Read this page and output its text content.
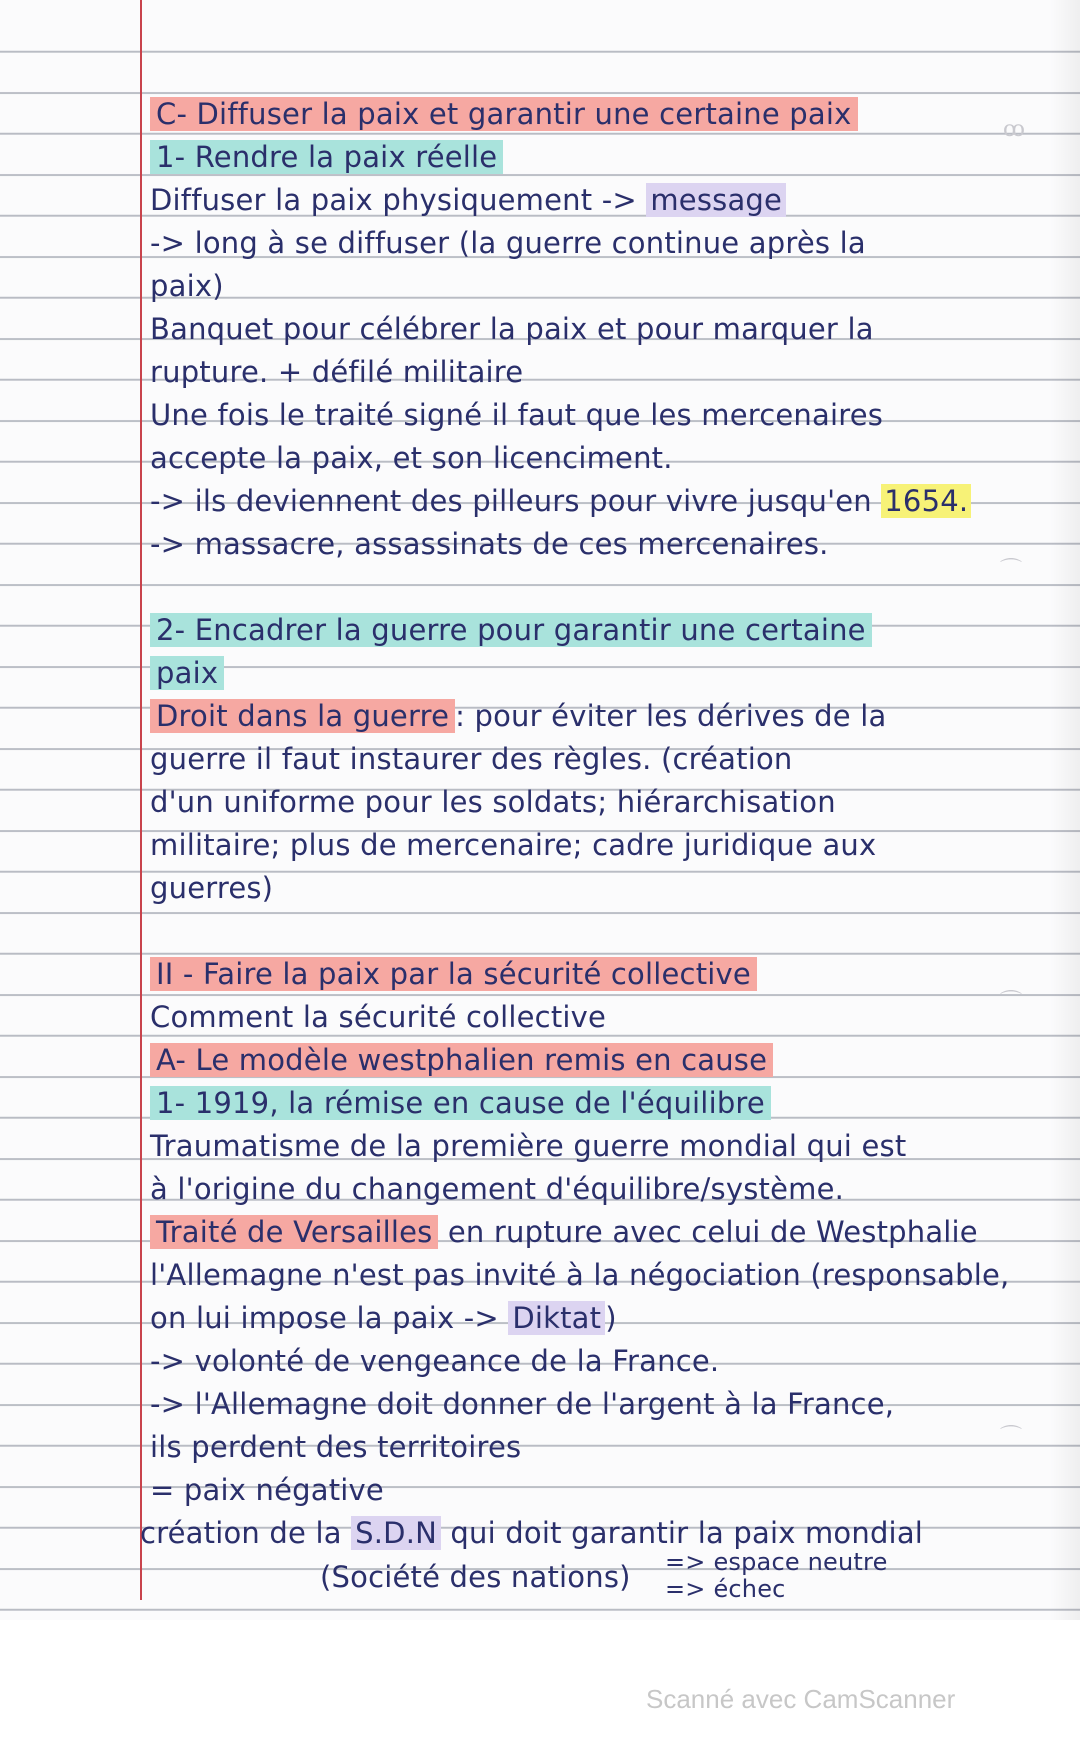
ꝏ
⌒
⌒
⌒
C- Diffuser la paix et garantir une certaine paix
1- Rendre la paix réelle
Diffuser la paix physiquement -> message
-> long à se diffuser (la guerre continue après la
paix)
Banquet pour célébrer la paix et pour marquer la
rupture. + défilé militaire
Une fois le traité signé il faut que les mercenaires
accepte la paix, et son licenciment.
-> ils deviennent des pilleurs pour vivre jusqu'en 1654.
-> massacre, assassinats de ces mercenaires.
2- Encadrer la guerre pour garantir une certaine
paix
Droit dans la guerre : pour éviter les dérives de la
guerre il faut instaurer des règles. (création
d'un uniforme pour les soldats; hiérarchisation
militaire; plus de mercenaire; cadre juridique aux
guerres)
II - Faire la paix par la sécurité collective
Comment la sécurité collective
A- Le modèle westphalien remis en cause
1- 1919, la rémise en cause de l'équilibre
Traumatisme de la première guerre mondial qui est
à l'origine du changement d'équilibre/système.
Traité de Versailles en rupture avec celui de Westphalie
l'Allemagne n'est pas invité à la négociation (responsable,
on lui impose la paix -> Diktat )
-> volonté de vengeance de la France.
-> l'Allemagne doit donner de l'argent à la France,
ils perdent des territoires
= paix négative
création de la S.D.N qui doit garantir la paix mondial
(Société des nations) => espace neutre
=> échec
Scanné avec CamScanner
